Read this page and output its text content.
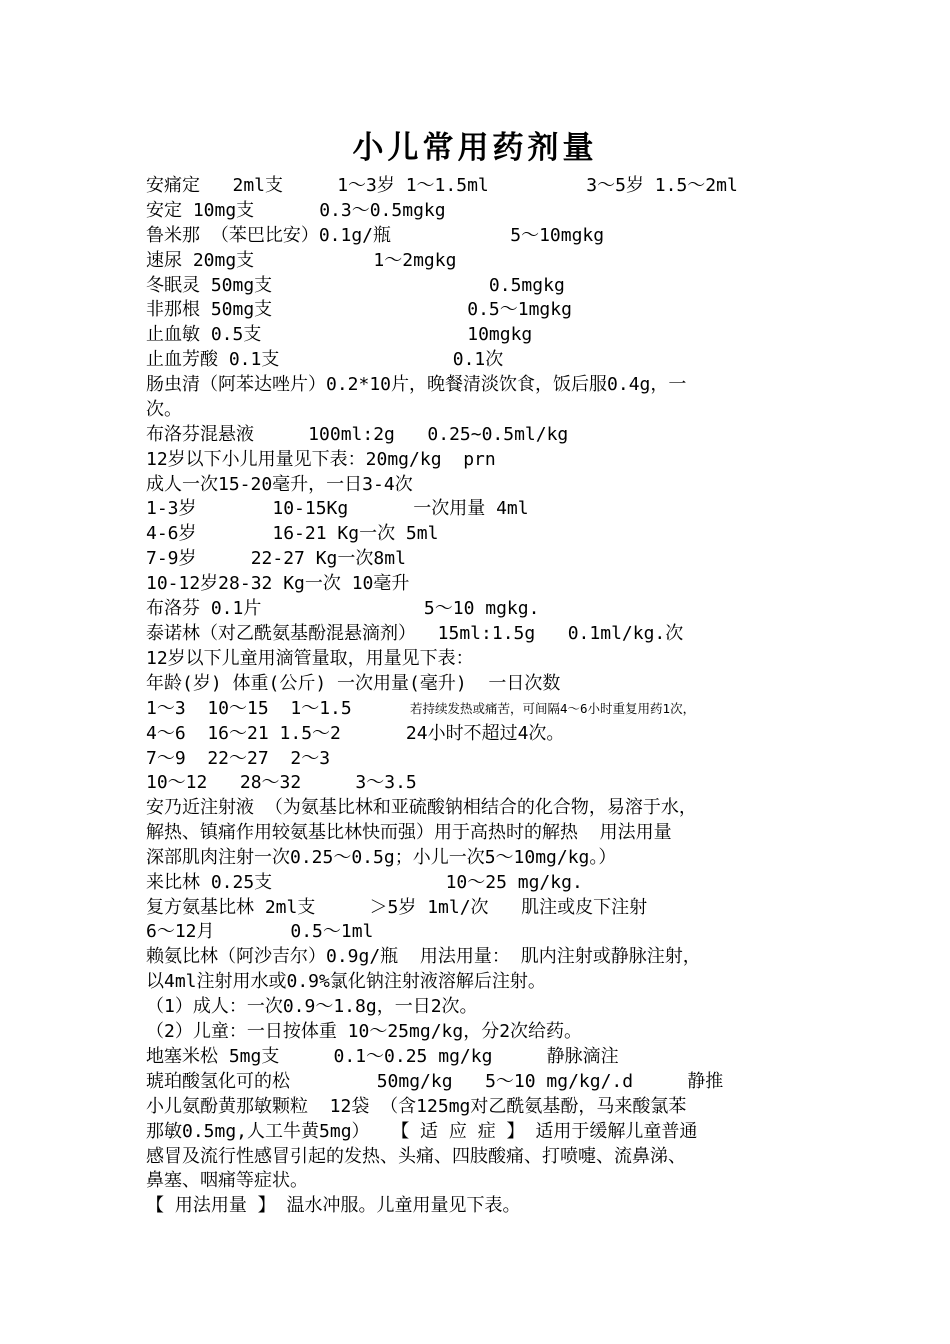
小儿常用药剂量
安痛定   2ml支     1～3岁 1～1.5ml         3～5岁 1.5～2ml
安定 10mg支      0.3～0.5mgkg
鲁米那 （苯巴比安）0.1g/瓶           5～10mgkg
速尿 20mg支           1～2mgkg
冬眠灵 50mg支                    0.5mgkg
非那根 50mg支                  0.5～1mgkg
止血敏 0.5支                   10mgkg
止血芳酸 0.1支                0.1次
肠虫清（阿苯达唑片）0.2*10片，晚餐清淡饮食，饭后服0.4g，一
次。
布洛芬混悬液     100ml:2g   0.25~0.5ml/kg
12岁以下小儿用量见下表：20mg/kg  prn
成人一次15-20毫升，一日3-4次
1-3岁       10-15Kg      一次用量 4ml
4-6岁       16-21 Kg一次 5ml
7-9岁     22-27 Kg一次8ml
10-12岁28-32 Kg一次 10毫升
布洛芬 0.1片               5～10 mgkg.
泰诺林（对乙酰氨基酚混悬滴剂）  15ml:1.5g   0.1ml/kg.次
12岁以下儿童用滴管量取，用量见下表：
年龄(岁) 体重(公斤) 一次用量(毫升)  一日次数
1～3  10～15  1～1.5	若持续发热或痛苦，可间隔4～6小时重复用药1次，
4～6  16～21 1.5～2      24小时不超过4次。
7～9  22～27  2～3
10～12   28～32     3～3.5
安乃近注射液 （为氨基比林和亚硫酸钠相结合的化合物，易溶于水，
解热、镇痛作用较氨基比林快而强）用于高热时的解热  用法用量
深部肌肉注射一次0.25～0.5g；小儿一次5～10mg/kg。）
来比林 0.25支                10～25 mg/kg.
复方氨基比林 2ml支     ＞5岁 1ml/次   肌注或皮下注射
6～12月       0.5～1ml
赖氨比林（阿沙吉尔）0.9g/瓶  用法用量： 肌内注射或静脉注射，
以4ml注射用水或0.9%氯化钠注射液溶解后注射。
（1）成人：一次0.9～1.8g，一日2次。
（2）儿童：一日按体重 10～25mg/kg，分2次给药。
地塞米松 5mg支     0.1～0.25 mg/kg     静脉滴注
琥珀酸氢化可的松        50mg/kg   5～10 mg/kg/.d     静推
小儿氨酚黄那敏颗粒  12袋 （含125mg对乙酰氨基酚，马来酸氯苯
那敏0.5mg,人工牛黄5mg）  【 适 应 症 】 适用于缓解儿童普通
感冒及流行性感冒引起的发热、头痛、四肢酸痛、打喷嚏、流鼻涕、
鼻塞、咽痛等症状。
【 用法用量 】 温水冲服。儿童用量见下表。
